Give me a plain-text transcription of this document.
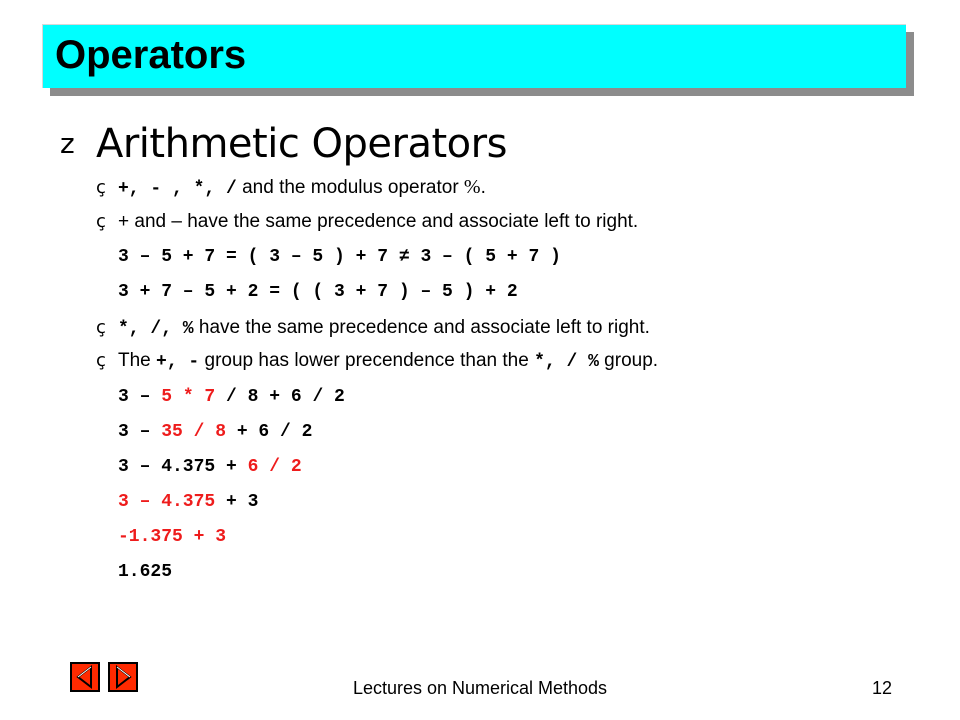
Operators
z Arithmetic Operators
ç +, - , *, / and the modulus operator %.
ç + and – have the same precedence and associate left to right.
3 – 5 + 7 = ( 3 – 5 ) + 7 ≠ 3 – ( 5 + 7 )
3 + 7 – 5 + 2 = ( ( 3 + 7 ) – 5 ) + 2
ç *, /, % have the same precedence and associate left to right.
ç The +, - group has lower precendence than the *, / % group.
3 – 5 * 7 / 8 + 6 / 2
3 – 35 / 8 + 6 / 2
3 – 4.375 + 6 / 2
3 – 4.375 + 3
-1.375 + 3
1.625
Lectures on Numerical Methods	12
